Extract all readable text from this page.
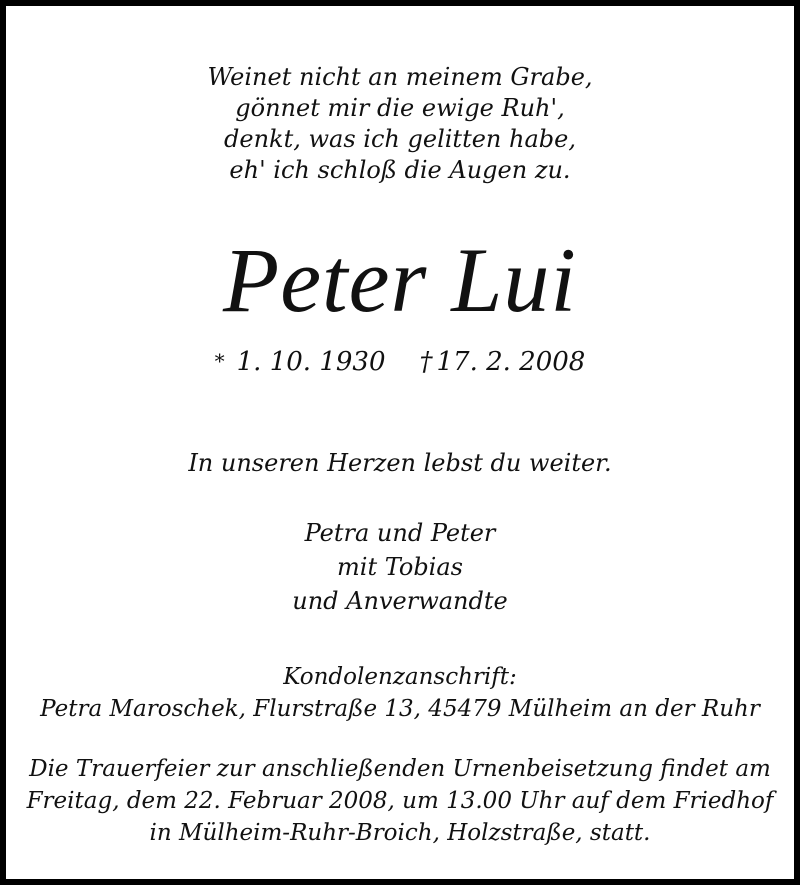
Weinet nicht an meinem Grabe,
gönnet mir die ewige Ruh',
denkt, was ich gelitten habe,
eh' ich schloß die Augen zu.
Peter Lui
* 1. 10. 1930 † 17. 2. 2008
In unseren Herzen lebst du weiter.
Petra und Peter
mit Tobias
und Anverwandte
Kondolenzanschrift:
Petra Maroschek, Flurstraße 13, 45479 Mülheim an der Ruhr
Die Trauerfeier zur anschließenden Urnenbeisetzung findet am
Freitag, dem 22. Februar 2008, um 13.00 Uhr auf dem Friedhof
in Mülheim-Ruhr-Broich, Holzstraße, statt.
